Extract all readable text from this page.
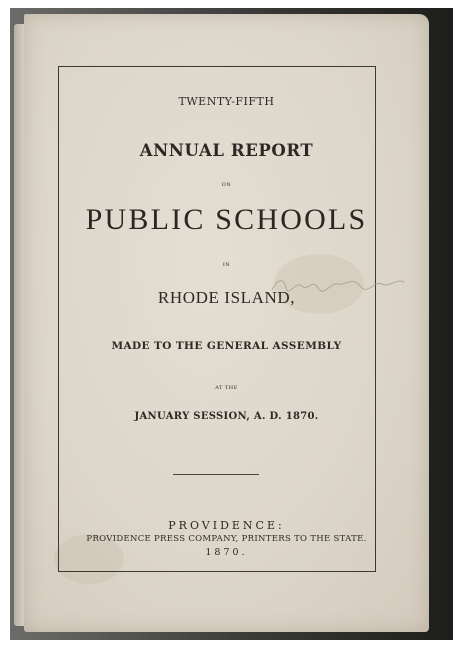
TWENTY-FIFTH
ANNUAL REPORT
ON
PUBLIC SCHOOLS
IN
RHODE ISLAND,
MADE TO THE GENERAL ASSEMBLY
AT THE
JANUARY SESSION, A. D. 1870.
PROVIDENCE:
PROVIDENCE PRESS COMPANY, PRINTERS TO THE STATE.
1870.
